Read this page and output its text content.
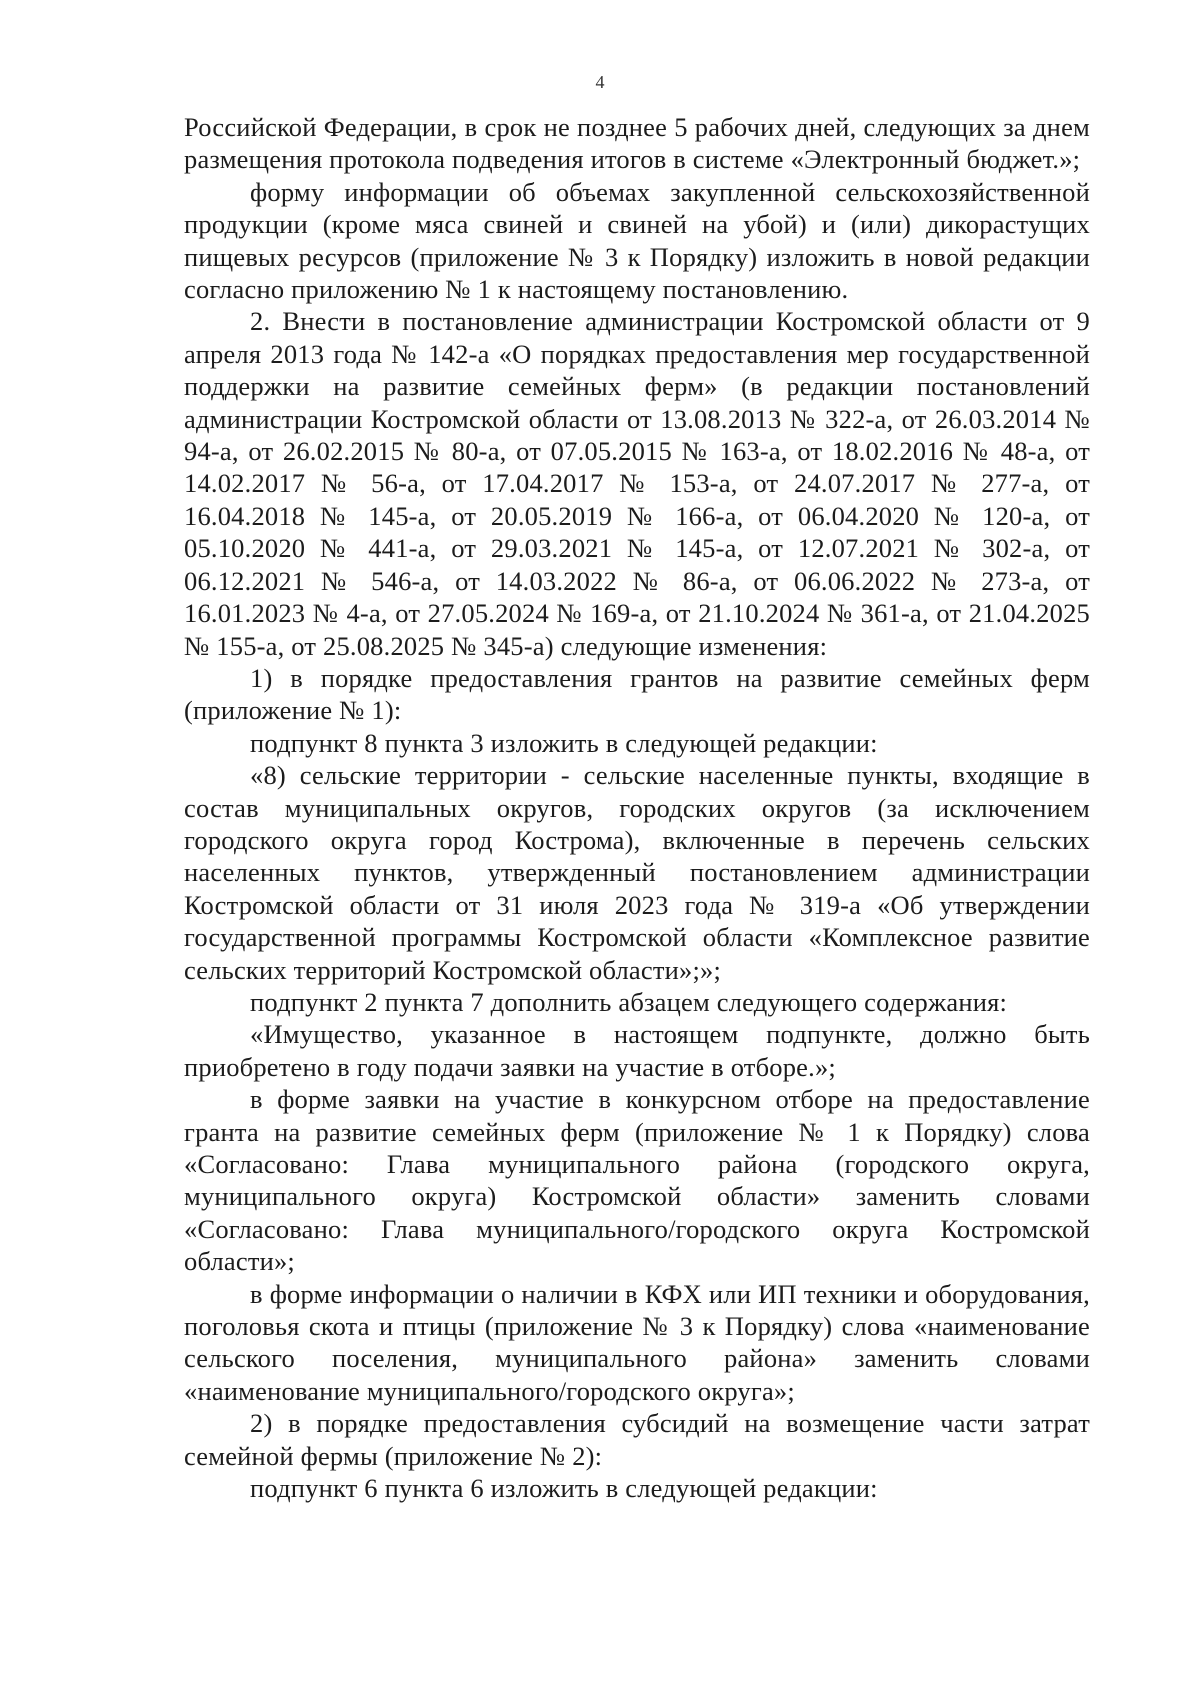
4

Российской Федерации, в срок не позднее 5 рабочих дней, следующих за днем размещения протокола подведения итогов в системе «Электронный бюджет.»;

форму информации об объемах закупленной сельскохозяйственной продукции (кроме мяса свиней и свиней на убой) и (или) дикорастущих пищевых ресурсов (приложение № 3 к Порядку) изложить в новой редакции согласно приложению № 1 к настоящему постановлению.

2. Внести в постановление администрации Костромской области от 9 апреля 2013 года № 142-а «О порядках предоставления мер государственной поддержки на развитие семейных ферм» (в редакции постановлений администрации Костромской области от 13.08.2013 № 322-а, от 26.03.2014 № 94-а, от 26.02.2015 № 80-а, от 07.05.2015 № 163-а, от 18.02.2016 № 48-а, от 14.02.2017 № 56-а, от 17.04.2017 № 153-а, от 24.07.2017 № 277-а, от 16.04.2018 № 145-а, от 20.05.2019 № 166-а, от 06.04.2020 № 120-а, от 05.10.2020 № 441-а, от 29.03.2021 № 145-а, от 12.07.2021 № 302-а, от 06.12.2021 № 546-а, от 14.03.2022 № 86-а, от 06.06.2022 № 273-а, от 16.01.2023 № 4-а, от 27.05.2024 № 169-а, от 21.10.2024 № 361-а, от 21.04.2025 № 155-а, от 25.08.2025 № 345-а) следующие изменения:

1) в порядке предоставления грантов на развитие семейных ферм (приложение № 1):

подпункт 8 пункта 3 изложить в следующей редакции:

«8) сельские территории - сельские населенные пункты, входящие в состав муниципальных округов, городских округов (за исключением городского округа город Кострома), включенные в перечень сельских населенных пунктов, утвержденный постановлением администрации Костромской области от 31 июля 2023 года № 319-а «Об утверждении государственной программы Костромской области «Комплексное развитие сельских территорий Костромской области»;»;

подпункт 2 пункта 7 дополнить абзацем следующего содержания:

«Имущество, указанное в настоящем подпункте, должно быть приобретено в году подачи заявки на участие в отборе.»;

в форме заявки на участие в конкурсном отборе на предоставление гранта на развитие семейных ферм (приложение № 1 к Порядку) слова «Согласовано: Глава муниципального района (городского округа, муниципального округа) Костромской области» заменить словами «Согласовано: Глава муниципального/городского округа Костромской области»;

в форме информации о наличии в КФХ или ИП техники и оборудования, поголовья скота и птицы (приложение № 3 к Порядку) слова «наименование сельского поселения, муниципального района» заменить словами «наименование муниципального/городского округа»;

2) в порядке предоставления субсидий на возмещение части затрат семейной фермы (приложение № 2):

подпункт 6 пункта 6 изложить в следующей редакции:
